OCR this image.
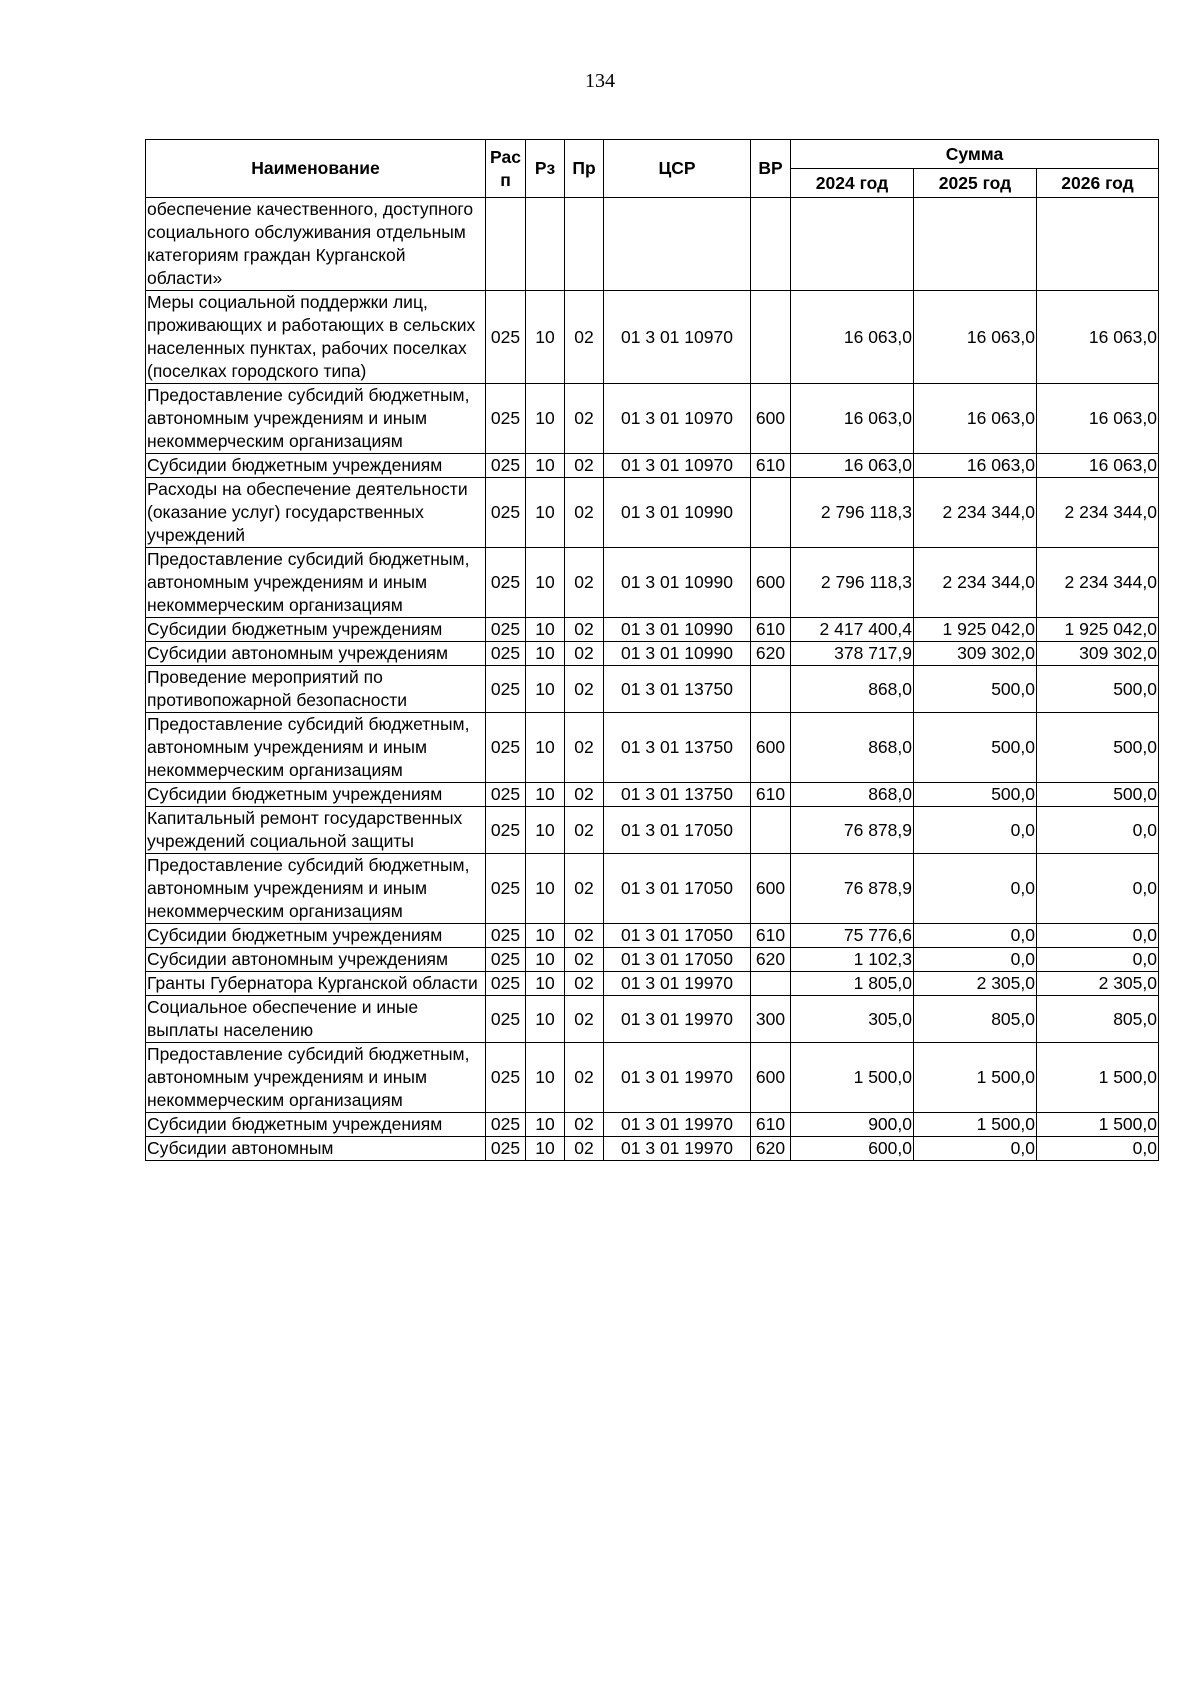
134
Наименование	Рас п	Рз	Пр	ЦСР	ВР	Сумма		
						2024 год	2025 год	2026 год
обеспечение качественного, доступного социального обслуживания отдельным категориям граждан Курганской области»								
Меры социальной поддержки лиц, проживающих и работающих в сельских населенных пунктах, рабочих поселках (поселках городского типа)	025	10	02	01 3 01 10970		16 063,0	16 063,0	16 063,0
Предоставление субсидий бюджетным, автономным учреждениям и иным некоммерческим организациям	025	10	02	01 3 01 10970	600	16 063,0	16 063,0	16 063,0
Субсидии бюджетным учреждениям	025	10	02	01 3 01 10970	610	16 063,0	16 063,0	16 063,0
Расходы на обеспечение деятельности (оказание услуг) государственных учреждений	025	10	02	01 3 01 10990		2 796 118,3	2 234 344,0	2 234 344,0
Предоставление субсидий бюджетным, автономным учреждениям и иным некоммерческим организациям	025	10	02	01 3 01 10990	600	2 796 118,3	2 234 344,0	2 234 344,0
Субсидии бюджетным учреждениям	025	10	02	01 3 01 10990	610	2 417 400,4	1 925 042,0	1 925 042,0
Субсидии автономным учреждениям	025	10	02	01 3 01 10990	620	378 717,9	309 302,0	309 302,0
Проведение мероприятий по противопожарной безопасности	025	10	02	01 3 01 13750		868,0	500,0	500,0
Предоставление субсидий бюджетным, автономным учреждениям и иным некоммерческим организациям	025	10	02	01 3 01 13750	600	868,0	500,0	500,0
Субсидии бюджетным учреждениям	025	10	02	01 3 01 13750	610	868,0	500,0	500,0
Капитальный ремонт государственных учреждений социальной защиты	025	10	02	01 3 01 17050		76 878,9	0,0	0,0
Предоставление субсидий бюджетным, автономным учреждениям и иным некоммерческим организациям	025	10	02	01 3 01 17050	600	76 878,9	0,0	0,0
Субсидии бюджетным учреждениям	025	10	02	01 3 01 17050	610	75 776,6	0,0	0,0
Субсидии автономным учреждениям	025	10	02	01 3 01 17050	620	1 102,3	0,0	0,0
Гранты Губернатора Курганской области	025	10	02	01 3 01 19970		1 805,0	2 305,0	2 305,0
Социальное обеспечение и иные выплаты населению	025	10	02	01 3 01 19970	300	305,0	805,0	805,0
Предоставление субсидий бюджетным, автономным учреждениям и иным некоммерческим организациям	025	10	02	01 3 01 19970	600	1 500,0	1 500,0	1 500,0
Субсидии бюджетным учреждениям	025	10	02	01 3 01 19970	610	900,0	1 500,0	1 500,0
Субсидии автономным	025	10	02	01 3 01 19970	620	600,0	0,0	0,0
